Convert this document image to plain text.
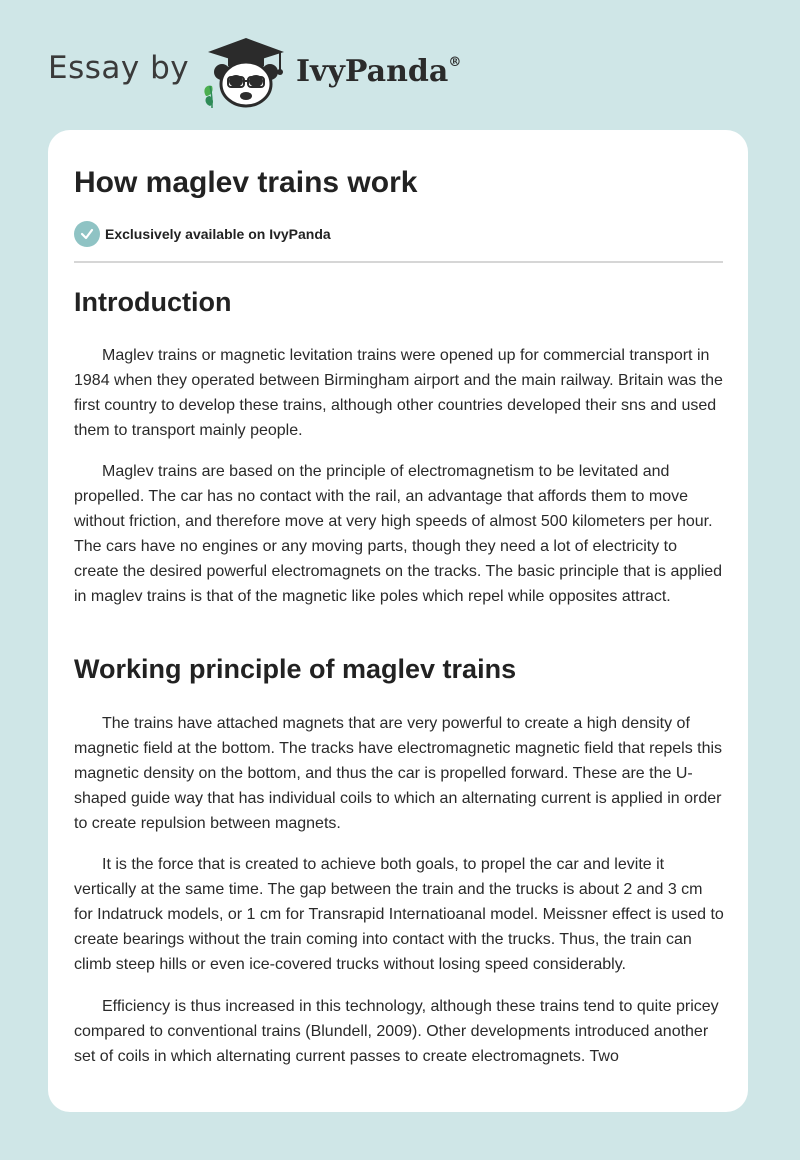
Essay by	IvyPanda®
How maglev trains work
Exclusively available on IvyPanda
Introduction

Maglev trains or magnetic levitation trains were opened up for commercial transport in 1984 when they operated between Birmingham airport and the main railway. Britain was the first country to develop these trains, although other countries developed their sns and used them to transport mainly people.

Maglev trains are based on the principle of electromagnetism to be levitated and propelled. The car has no contact with the rail, an advantage that affords them to move without friction, and therefore move at very high speeds of almost 500 kilometers per hour. The cars have no engines or any moving parts, though they need a lot of electricity to create the desired powerful electromagnets on the tracks. The basic principle that is applied in maglev trains is that of the magnetic like poles which repel while opposites attract.

Working principle of maglev trains

The trains have attached magnets that are very powerful to create a high density of magnetic field at the bottom. The tracks have electromagnetic magnetic field that repels this magnetic density on the bottom, and thus the car is propelled forward. These are the U-shaped guide way that has individual coils to which an alternating current is applied in order to create repulsion between magnets.

It is the force that is created to achieve both goals, to propel the car and levite it vertically at the same time. The gap between the train and the trucks is about 2 and 3 cm for Indatruck models, or 1 cm for Transrapid Internatioanal model. Meissner effect is used to create bearings without the train coming into contact with the trucks. Thus, the train can climb steep hills or even ice-covered trucks without losing speed considerably.

Efficiency is thus increased in this technology, although these trains tend to quite pricey compared to conventional trains (Blundell, 2009). Other developments introduced another set of coils in which alternating current passes to create electromagnets. Two
